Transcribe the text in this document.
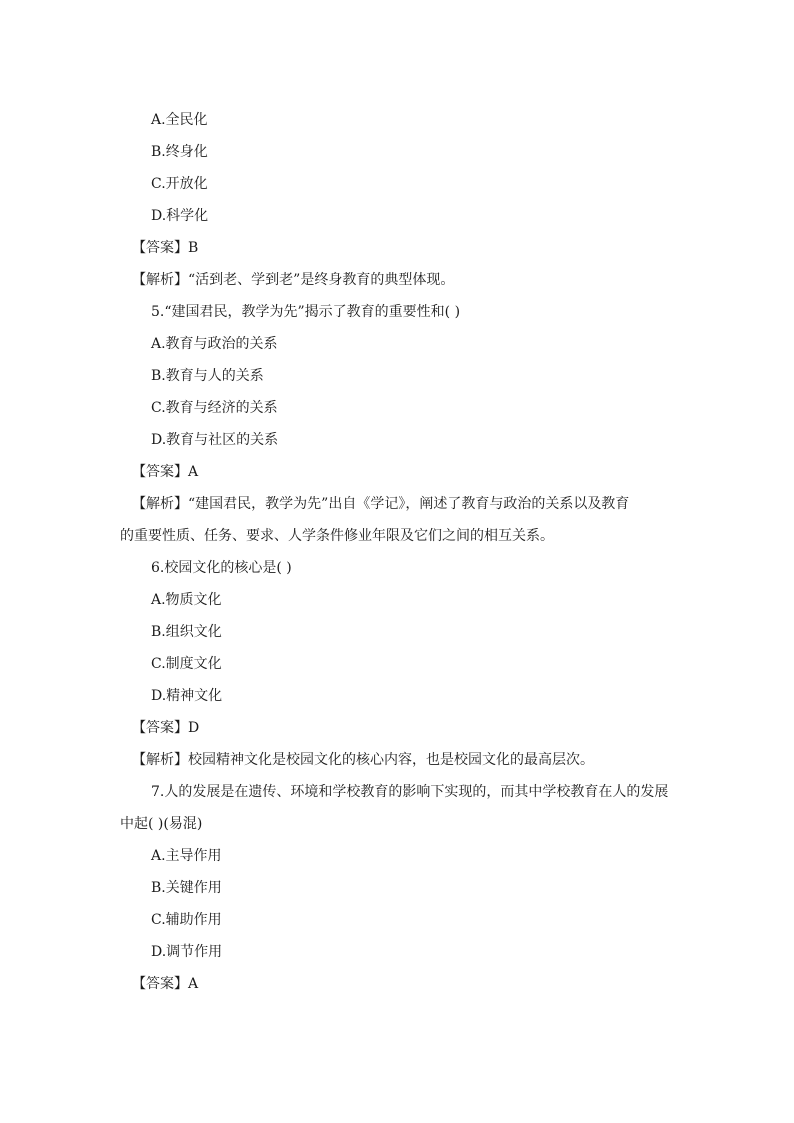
A.全民化
B.终身化
C.开放化
D.科学化
【答案】B
【解析】“活到老、学到老”是终身教育的典型体现。
5.“建国君民，教学为先”揭示了教育的重要性和( )
A.教育与政治的关系
B.教育与人的关系
C.教育与经济的关系
D.教育与社区的关系
【答案】A
【解析】“建国君民，教学为先”出自《学记》，阐述了教育与政治的关系以及教育
的重要性质、任务、要求、人学条件修业年限及它们之间的相互关系。
6.校园文化的核心是( )
A.物质文化
B.组织文化
C.制度文化
D.精神文化
【答案】D
【解析】校园精神文化是校园文化的核心内容，也是校园文化的最高层次。
7.人的发展是在遗传、环境和学校教育的影响下实现的，而其中学校教育在人的发展
中起( )(易混)
A.主导作用
B.关键作用
C.辅助作用
D.调节作用
【答案】A
